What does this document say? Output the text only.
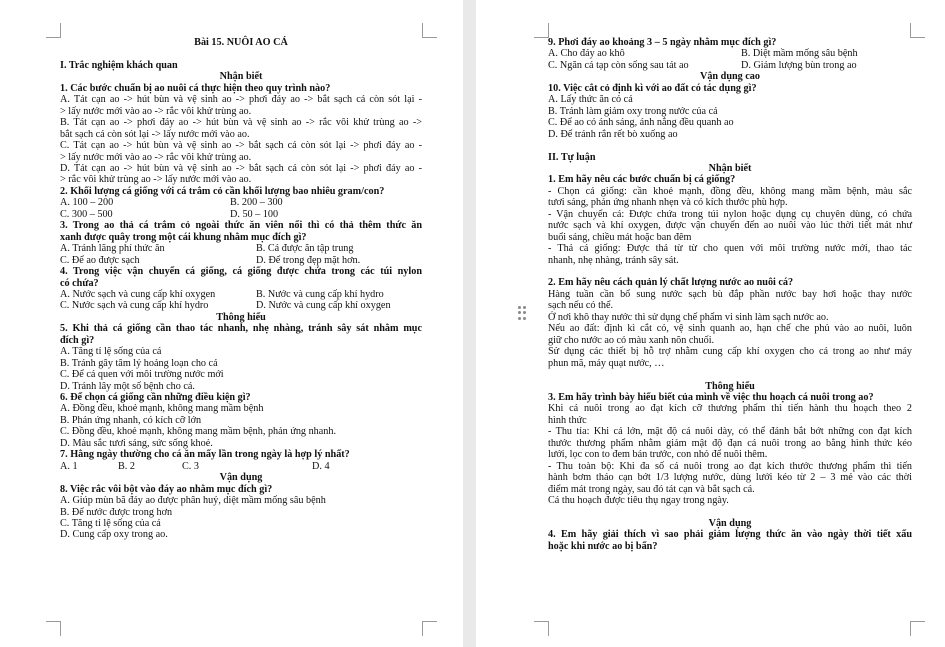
Bài 15. NUÔI AO CÁ
I. Trắc nghiệm khách quan
Nhận biết
1. Các bước chuẩn bị ao nuôi cá thực hiện theo quy trình nào?
A. Tát cạn ao -> hút bùn và vệ sinh ao -> phơi đáy ao -> bắt sạch cá còn sót lại -
> lấy nước mới vào ao -> rắc vôi khử trùng ao.
B. Tát cạn ao -> phơi đáy ao -> hút bùn và vệ sinh ao -> rắc vôi khử trùng ao ->
bắt sạch cá còn sót lại -> lấy nước mới vào ao.
C. Tát cạn ao -> hút bùn và vệ sinh ao -> bắt sạch cá còn sót lại -> phơi đáy ao -
> lấy nước mới vào ao -> rắc vôi khử trùng ao.
D. Tát cạn ao -> hút bùn và vệ sinh ao -> bắt sạch cá còn sót lại -> phơi đáy ao -
> rắc vôi khử trùng ao -> lấy nước mới vào ao.
2. Khối lượng cá giống với cá trắm cỏ cần khối lượng bao nhiêu gram/con?
A. 100 – 200	B. 200 – 300
C. 300 – 500	D. 50 – 100
3. Trong ao thả cá trắm cỏ ngoài thức ăn viên nổi thì có thả thêm thức ăn
xanh được quây trong một cái khung nhằm mục đích gì?
A. Tránh lãng phí thức ăn	B. Cá được ăn tập trung
C. Để ao được sạch	D. Để trong đẹp mặt hơn.
4. Trong việc vận chuyển cá giống, cá giống được chứa trong các túi nylon
có chứa?
A. Nước sạch và cung cấp khí oxygen	B. Nước và cung cấp khí hydro
C. Nước sạch và cung cấp khí hydro	D. Nước và cung cấp khí oxygen
Thông hiểu
5. Khi thả cá giống cần thao tác nhanh, nhẹ nhàng, tránh sây sát nhằm mục
đích gì?
A. Tăng tỉ lệ sống của cá
B. Tránh gây tâm lý hoảng loạn cho cá
C. Để cá quen với môi trường nước mới
D. Tránh lây một số bệnh cho cá.
6. Để chọn cá giống cần những điều kiện gì?
A. Đồng đều, khoẻ mạnh, không mang mầm bệnh
B. Phản ứng nhanh, có kích cỡ lớn
C. Đồng đều, khoẻ mạnh, không mang mầm bệnh, phản ứng nhanh.
D. Màu sắc tươi sáng, sức sống khoẻ.
7. Hằng ngày thường cho cá ăn mấy lần trong ngày là hợp lý nhất?
A. 1	B. 2	C. 3	D. 4
Vận dụng
8. Việc rắc vôi bột vào đáy ao nhằm mục đích gì?
A. Giúp mùn bã đáy ao được phân huỷ, diệt mầm mống sâu bệnh
B. Để nước được trong hơn
C. Tăng tỉ lệ sống của cá
D. Cung cấp oxy trong ao.
9. Phơi đáy ao khoảng 3 – 5 ngày nhằm mục đích gì?
A. Cho đáy ao khô	B. Diệt mầm mống sâu bệnh
C. Ngăn cá tạp còn sống sau tát ao	D. Giảm lượng bùn trong ao
Vận dụng cao
10. Việc cắt cỏ định kì với ao đất có tác dụng gì?
A. Lấy thức ăn cỏ cá
B. Tránh làm giảm oxy trong nước của cá
C. Để ao có ánh sáng, ánh nắng đều quanh ao
D. Để tránh rắn rết bò xuống ao
II. Tự luận
Nhận biết
1. Em hãy nêu các bước chuẩn bị cá giống?
- Chọn cá giống: cần khoẻ mạnh, đồng đều, không mang mầm bệnh, màu sắc
tươi sáng, phản ứng nhanh nhẹn và có kích thước phù hợp.
- Vận chuyển cá: Được chứa trong túi nylon hoặc dụng cụ chuyên dùng, có chứa
nước sạch và khí oxygen, được vận chuyển đến ao nuôi vào lúc thời tiết mát như
buổi sáng, chiều mát hoặc ban đêm
- Thả cá giống: Được thả từ từ cho quen với môi trường nước mới, thao tác
nhanh, nhẹ nhàng, tránh sây sát.
2. Em hãy nêu cách quản lý chất lượng nước ao nuôi cá?
Hàng tuần cần bổ sung nước sạch bù đắp phần nước bay hơi hoặc thay nước
sạch nếu có thể.
Ở nơi khô thay nước thì sử dụng chế phẩm vi sinh làm sạch nước ao.
Nếu ao đất: định kì cắt cỏ, vệ sinh quanh ao, hạn chế che phủ vào ao nuôi, luôn
giữ cho nước ao có màu xanh nõn chuối.
Sử dụng các thiết bị hỗ trợ nhằm cung cấp khí oxygen cho cá trong ao như máy
phun mã, máy quạt nước, …
Thông hiểu
3. Em hãy trình bày hiểu biết của mình về việc thu hoạch cá nuôi trong ao?
Khi cá nuôi trong ao đạt kích cỡ thương phẩm thì tiến hành thu hoạch theo 2
hình thức
- Thu tỉa: Khi cá lớn, mật độ cá nuôi dày, có thể đánh bắt bớt những con đạt kích
thước thương phẩm nhằm giảm mật độ đạn cá nuôi trong ao bằng hình thức kéo
lưới, lọc con to đem bán trước, con nhỏ để nuôi thêm.
- Thu toàn bộ: Khi đa số cá nuôi trong ao đạt kích thước thương phẩm thì tiến
hành bơm tháo cạn bớt 1/3 lượng nước, dùng lưới kéo từ 2 – 3 mẻ vào các thời
điểm mát trong ngày, sau đó tát cạn và bắt sạch cá.
Cá thu hoạch được tiêu thụ ngay trong ngày.
Vận dụng
4. Em hãy giải thích vì sao phải giảm lượng thức ăn vào ngày thời tiết xấu
hoặc khi nước ao bị bẩn?
